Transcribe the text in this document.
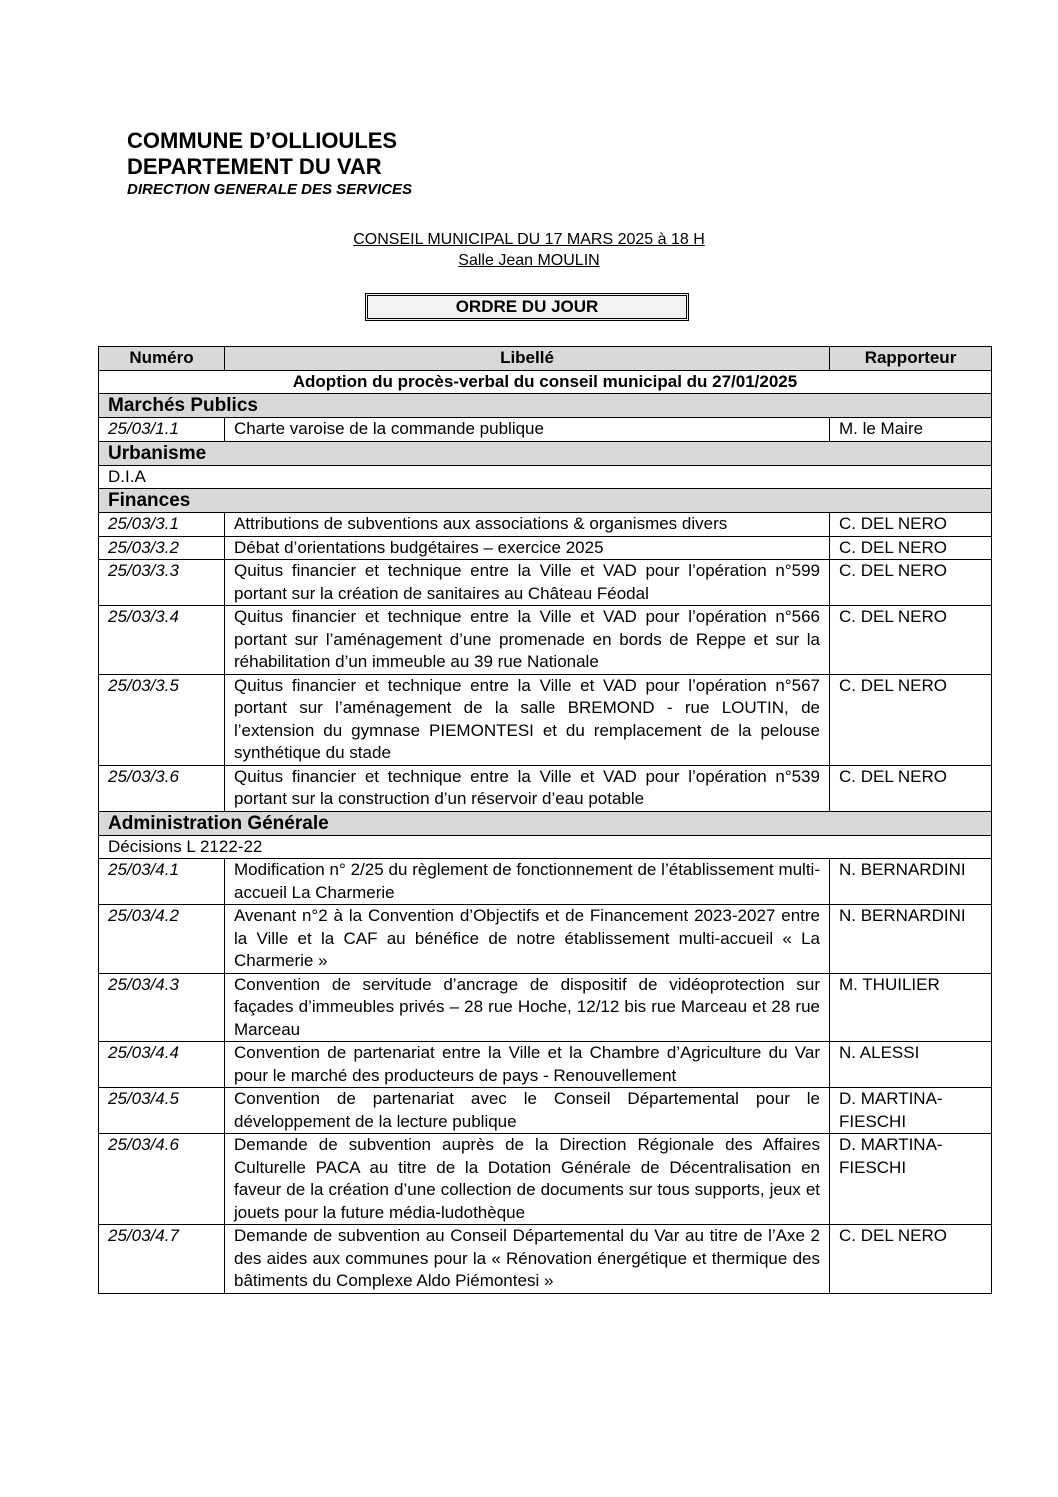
COMMUNE D’OLLIOULES
DEPARTEMENT DU VAR
DIRECTION GENERALE DES SERVICES
CONSEIL MUNICIPAL DU 17 MARS 2025 à 18 H
Salle Jean MOULIN
ORDRE DU JOUR
Numéro	Libellé	Rapporteur
Adoption du procès-verbal du conseil municipal du 27/01/2025		
Marchés Publics		
25/03/1.1	Charte varoise de la commande publique	M. le Maire
Urbanisme		
D.I.A		
Finances		
25/03/3.1	Attributions de subventions aux associations & organismes divers	C. DEL NERO
25/03/3.2	Débat d’orientations budgétaires – exercice 2025	C. DEL NERO
25/03/3.3	Quitus financier et technique entre la Ville et VAD pour l’opération n°599 portant sur la création de sanitaires au Château Féodal	C. DEL NERO
25/03/3.4	Quitus financier et technique entre la Ville et VAD pour l’opération n°566 portant sur l’aménagement d’une promenade en bords de Reppe et sur la réhabilitation d’un immeuble au 39 rue Nationale	C. DEL NERO
25/03/3.5	Quitus financier et technique entre la Ville et VAD pour l’opération n°567 portant sur l’aménagement de la salle BREMOND - rue LOUTIN, de l’extension du gymnase PIEMONTESI et du remplacement de la pelouse synthétique du stade	C. DEL NERO
25/03/3.6	Quitus financier et technique entre la Ville et VAD pour l’opération n°539 portant sur la construction d’un réservoir d’eau potable	C. DEL NERO
Administration Générale		
Décisions L 2122-22		
25/03/4.1	Modification n° 2/25 du règlement de fonctionnement de l’établissement multi-accueil La Charmerie	N. BERNARDINI
25/03/4.2	Avenant n°2 à la Convention d’Objectifs et de Financement 2023-2027 entre la Ville et la CAF au bénéfice de notre établissement multi-accueil « La Charmerie »	N. BERNARDINI
25/03/4.3	Convention de servitude d’ancrage de dispositif de vidéoprotection sur façades d’immeubles privés – 28 rue Hoche, 12/12 bis rue Marceau et 28 rue Marceau	M. THUILIER
25/03/4.4	Convention de partenariat entre la Ville et la Chambre d’Agriculture du Var pour le marché des producteurs de pays - Renouvellement	N. ALESSI
25/03/4.5	Convention de partenariat avec le Conseil Départemental pour le développement de la lecture publique	D. MARTINA-FIESCHI
25/03/4.6	Demande de subvention auprès de la Direction Régionale des Affaires Culturelle PACA au titre de la Dotation Générale de Décentralisation en faveur de la création d’une collection de documents sur tous supports, jeux et jouets pour la future média-ludothèque	D. MARTINA-FIESCHI
25/03/4.7	Demande de subvention au Conseil Départemental du Var au titre de l’Axe 2 des aides aux communes pour la « Rénovation énergétique et thermique des bâtiments du Complexe Aldo Piémontesi »	C. DEL NERO
